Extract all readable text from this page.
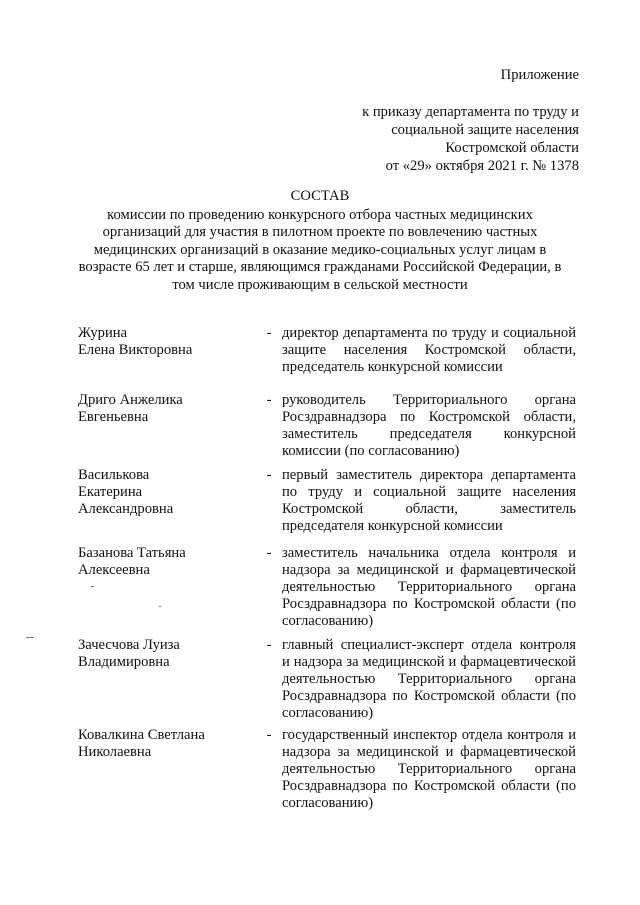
Приложение
к приказу департамента по труду и
социальной защите населения
Костромской области
от «29» октября 2021 г. № 1378
СОСТАВ
комиссии по проведению конкурсного отбора частных медицинских организаций для участия в пилотном проекте по вовлечению частных медицинских организаций в оказание медико-социальных услуг лицам в возрасте 65 лет и старше, являющимся гражданами Российской Федерации, в том числе проживающим в сельской местности
Журина
Елена Викторовна
- директор департамента по труду и социальной защите населения Костромской области, председатель конкурсной комиссии
Дриго Анжелика
Евгеньевна
- руководитель Территориального органа Росздравнадзора по Костромской области, заместитель председателя конкурсной комиссии (по согласованию)
Василькова
Екатерина
Александровна
- первый заместитель директора департамента по труду и социальной защите населения Костромской области, заместитель председателя конкурсной комиссии
Базанова Татьяна
Алексеевна
- заместитель начальника отдела контроля и надзора за медицинской и фармацевтической деятельностью Территориального органа Росздравнадзора по Костромской области (по согласованию)
Зачесчова Луиза
Владимировна
- главный специалист-эксперт отдела контроля и надзора за медицинской и фармацевтической деятельностью Территориального органа Росздравнадзора по Костромской области (по согласованию)
Ковалкина Светлана
Николаевна
- государственный инспектор отдела контроля и надзора за медицинской и фармацевтической деятельностью Территориального органа Росздравнадзора по Костромской области (по согласованию)
